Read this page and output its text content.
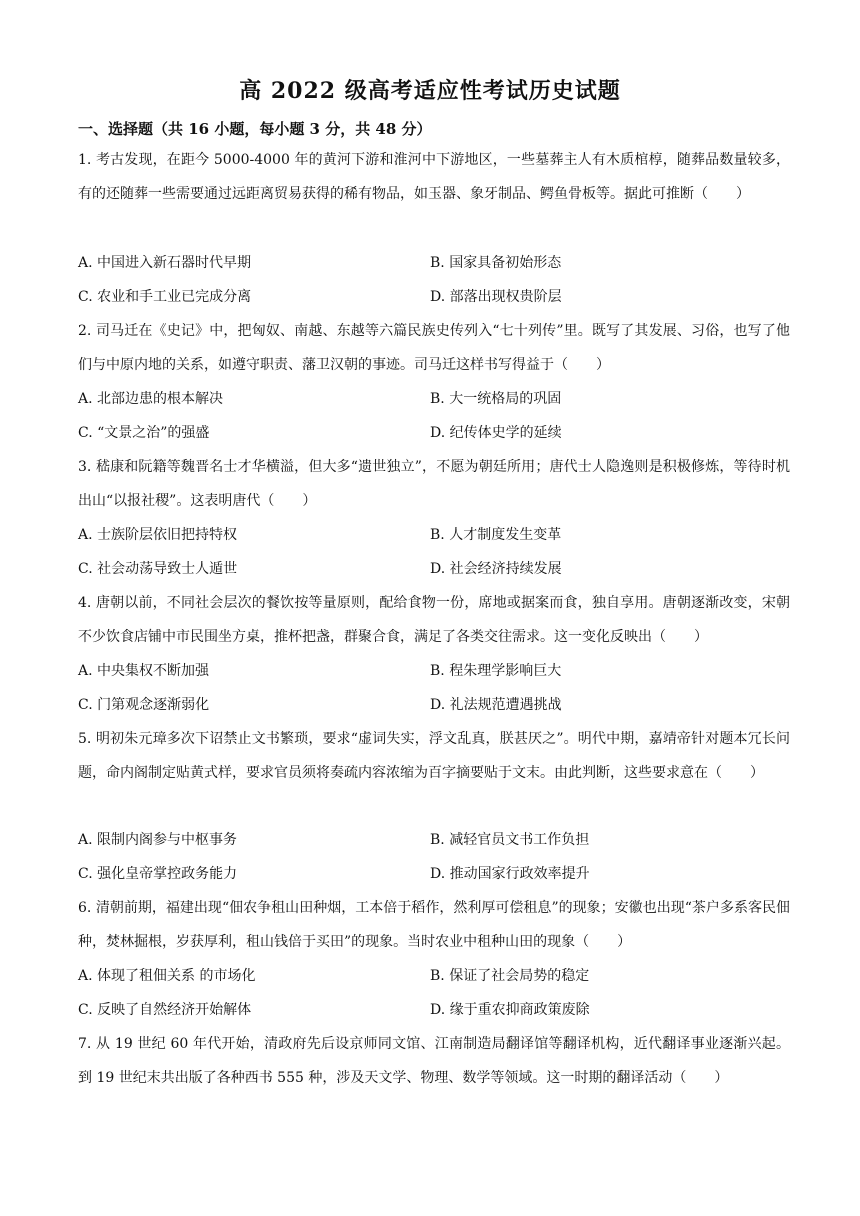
高 2022 级高考适应性考试历史试题
一、选择题（共 16 小题，每小题 3 分，共 48 分）
1. 考古发现，在距今 5000-4000 年的黄河下游和淮河中下游地区，一些墓葬主人有木质棺椁，随葬品数量较多，有的还随葬一些需要通过远距离贸易获得的稀有物品，如玉器、象牙制品、鳄鱼骨板等。据此可推断（　　）
A. 中国进入新石器时代早期	B. 国家具备初始形态
C. 农业和手工业已完成分离	D. 部落出现权贵阶层
2. 司马迁在《史记》中，把匈奴、南越、东越等六篇民族史传列入“七十列传”里。既写了其发展、习俗，也写了他们与中原内地的关系，如遵守职责、藩卫汉朝的事迹。司马迁这样书写得益于（　　）
A. 北部边患的根本解决	B. 大一统格局的巩固
C. “文景之治”的强盛	D. 纪传体史学的延续
3. 嵇康和阮籍等魏晋名士才华横溢，但大多“遗世独立”，不愿为朝廷所用；唐代士人隐逸则是积极修炼，等待时机出山“以报社稷”。这表明唐代（　　）
A. 士族阶层依旧把持特权	B. 人才制度发生变革
C. 社会动荡导致士人遁世	D. 社会经济持续发展
4. 唐朝以前，不同社会层次的餐饮按等量原则，配给食物一份，席地或据案而食，独自享用。唐朝逐渐改变，宋朝不少饮食店铺中市民围坐方桌，推杯把盏，群聚合食，满足了各类交往需求。这一变化反映出（　　）
A. 中央集权不断加强	B. 程朱理学影响巨大
C. 门第观念逐渐弱化	D. 礼法规范遭遇挑战
5. 明初朱元璋多次下诏禁止文书繁琐，要求“虚词失实，浮文乱真，朕甚厌之”。明代中期，嘉靖帝针对题本冗长问题，命内阁制定贴黄式样，要求官员须将奏疏内容浓缩为百字摘要贴于文末。由此判断，这些要求意在（　　）
A. 限制内阁参与中枢事务	B. 减轻官员文书工作负担
C. 强化皇帝掌控政务能力	D. 推动国家行政效率提升
6. 清朝前期，福建出现“佃农争租山田种烟，工本倍于稻作，然利厚可偿租息”的现象；安徽也出现“茶户多系客民佃种，焚林掘根，岁获厚利，租山钱倍于买田”的现象。当时农业中租种山田的现象（　　）
A. 体现了租佃关系 的市场化	B. 保证了社会局势的稳定
C. 反映了自然经济开始解体	D. 缘于重农抑商政策废除
7. 从 19 世纪 60 年代开始，清政府先后设京师同文馆、江南制造局翻译馆等翻译机构，近代翻译事业逐渐兴起。到 19 世纪末共出版了各种西书 555 种，涉及天文学、物理、数学等领域。这一时期的翻译活动（　　）
